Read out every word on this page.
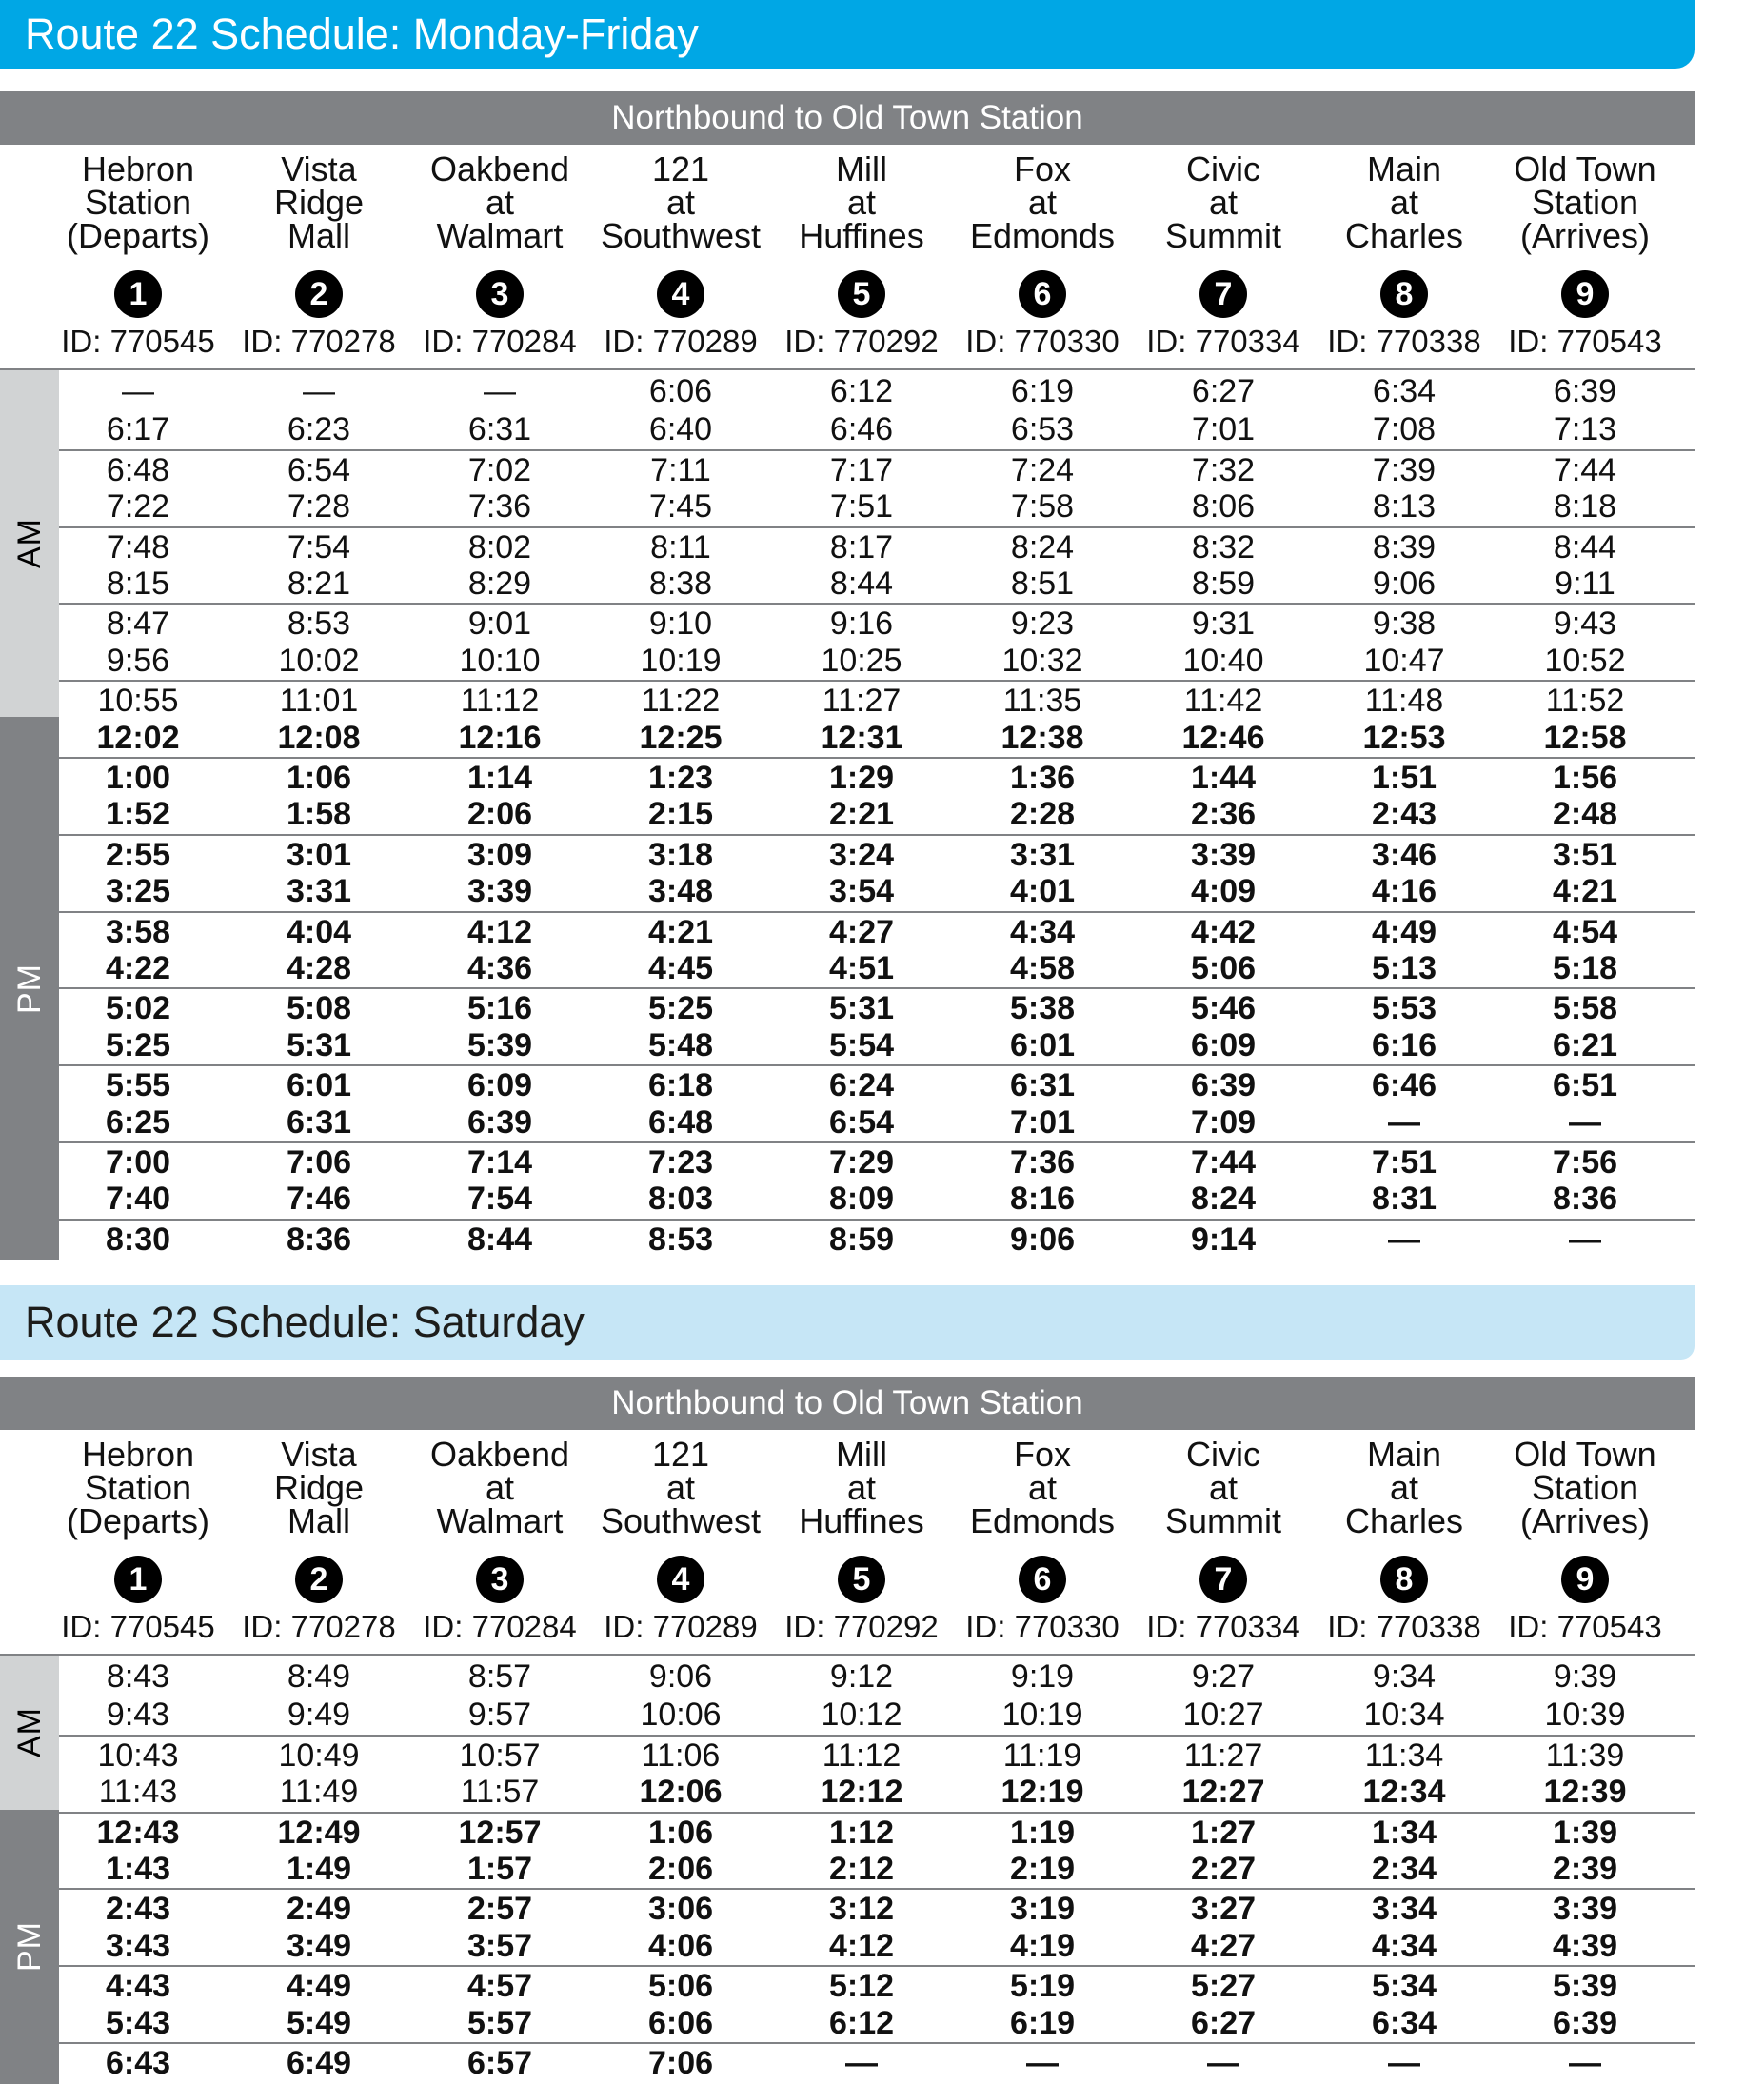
Route 22 Schedule: Monday-Friday
Northbound to Old Town Station
Hebron
Station
(Departs)
1
ID: 770545
Vista
Ridge
Mall
2
ID: 770278
Oakbend
at
Walmart
3
ID: 770284
121
at
Southwest
4
ID: 770289
Mill
at
Huffines
5
ID: 770292
Fox
at
Edmonds
6
ID: 770330
Civic
at
Summit
7
ID: 770334
Main
at
Charles
8
ID: 770338
Old Town
Station
(Arrives)
9
ID: 770543
AM
PM
—	—	—	6:06	6:12	6:19	6:27	6:34	6:39
6:17	6:23	6:31	6:40	6:46	6:53	7:01	7:08	7:13
6:48	6:54	7:02	7:11	7:17	7:24	7:32	7:39	7:44
7:22	7:28	7:36	7:45	7:51	7:58	8:06	8:13	8:18
7:48	7:54	8:02	8:11	8:17	8:24	8:32	8:39	8:44
8:15	8:21	8:29	8:38	8:44	8:51	8:59	9:06	9:11
8:47	8:53	9:01	9:10	9:16	9:23	9:31	9:38	9:43
9:56	10:02	10:10	10:19	10:25	10:32	10:40	10:47	10:52
10:55	11:01	11:12	11:22	11:27	11:35	11:42	11:48	11:52
12:02	12:08	12:16	12:25	12:31	12:38	12:46	12:53	12:58
1:00	1:06	1:14	1:23	1:29	1:36	1:44	1:51	1:56
1:52	1:58	2:06	2:15	2:21	2:28	2:36	2:43	2:48
2:55	3:01	3:09	3:18	3:24	3:31	3:39	3:46	3:51
3:25	3:31	3:39	3:48	3:54	4:01	4:09	4:16	4:21
3:58	4:04	4:12	4:21	4:27	4:34	4:42	4:49	4:54
4:22	4:28	4:36	4:45	4:51	4:58	5:06	5:13	5:18
5:02	5:08	5:16	5:25	5:31	5:38	5:46	5:53	5:58
5:25	5:31	5:39	5:48	5:54	6:01	6:09	6:16	6:21
5:55	6:01	6:09	6:18	6:24	6:31	6:39	6:46	6:51
6:25	6:31	6:39	6:48	6:54	7:01	7:09	—	—
7:00	7:06	7:14	7:23	7:29	7:36	7:44	7:51	7:56
7:40	7:46	7:54	8:03	8:09	8:16	8:24	8:31	8:36
8:30	8:36	8:44	8:53	8:59	9:06	9:14	—	—
Route 22 Schedule: Saturday
Northbound to Old Town Station
Hebron
Station
(Departs)
1
ID: 770545
Vista
Ridge
Mall
2
ID: 770278
Oakbend
at
Walmart
3
ID: 770284
121
at
Southwest
4
ID: 770289
Mill
at
Huffines
5
ID: 770292
Fox
at
Edmonds
6
ID: 770330
Civic
at
Summit
7
ID: 770334
Main
at
Charles
8
ID: 770338
Old Town
Station
(Arrives)
9
ID: 770543
AM
PM
8:43	8:49	8:57	9:06	9:12	9:19	9:27	9:34	9:39
9:43	9:49	9:57	10:06	10:12	10:19	10:27	10:34	10:39
10:43	10:49	10:57	11:06	11:12	11:19	11:27	11:34	11:39
11:43	11:49	11:57	12:06	12:12	12:19	12:27	12:34	12:39
12:43	12:49	12:57	1:06	1:12	1:19	1:27	1:34	1:39
1:43	1:49	1:57	2:06	2:12	2:19	2:27	2:34	2:39
2:43	2:49	2:57	3:06	3:12	3:19	3:27	3:34	3:39
3:43	3:49	3:57	4:06	4:12	4:19	4:27	4:34	4:39
4:43	4:49	4:57	5:06	5:12	5:19	5:27	5:34	5:39
5:43	5:49	5:57	6:06	6:12	6:19	6:27	6:34	6:39
6:43	6:49	6:57	7:06	—	—	—	—	—
